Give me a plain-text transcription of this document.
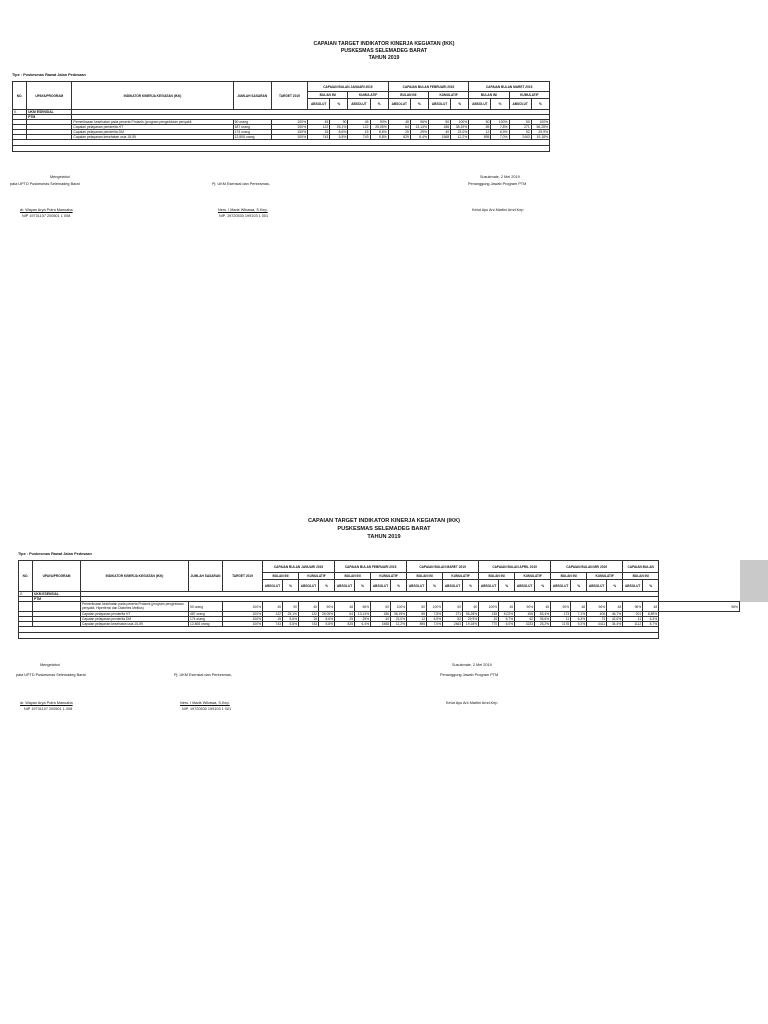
CAPAIAN TARGET INDIKATOR KINERJA KEGIATAN (IKK)
PUSKESMAS SELEMADEG BARAT
TAHUN 2019
Tipe : Puskesmas Rawat Jalan Pedesaan
NO.	UPAYA/PROGRAM	INDIKATOR KINERJA KEGIATAN (IKK)	JUMLAH SASARAN	TARGET 2019	CAPAIAN BULAN JANUARI 2019				CAPAIAN BULAN FEBRUARI 2019				CAPAIAN BULAN MARET 2019			
					BULAN INI		KUMULATIF		BULAN INI		KUMULATIF		BULAN INI		KUMULATIF	
					ABSOLUT	%	ABSOLUT	%	ABSOLUT	%	ABSOLUT	%	ABSOLUT	%	ABSOLUT	%
II.	UKM ESENSIAL															
	PTM															
		Pemeriksaan kesehatan pada peserta Prolanis (program pengelolaan penyakit	50 orang	100%	45	90	45	90%	48	96%	50	100%	50	100%	50	100%
		Capaian pelayanan penderita HT	487 orang	100%	122	25,1%	122	25,05%	64	13,14%	186	38,19%	85	7,8%	271	56,28%
		Capaian pelayanan penderita DM	174 orang	100%	15	8,6%	15	8,6%	25	29%	40	23,0%	12	6,9%	52	29,9%
		Capaian pelayanan kesehatan usia 15-59	12.808 orang	100%	743	5,8%	743	5,8%	825	6,4%	1568	12,2%	895	7,0%	2463	19,18%

Mengetahui
pala UPTD Puskesmas Selemadeg Barat	Pj. UKM Esensial dan Perkesmas,
Susukmale, 2 Mei 2019
Penanggung Jawab Program PTM
dr. Wayan Arya Putra Manuaba
NIP 19731107 200501 1 008
Ners. I Made Wibawa, S.Kep.
NIP. 19720530 199103 1 001
Ketut Ayu Ani Martini Amd.Kep
CAPAIAN TARGET INDIKATOR KINERJA KEGIATAN (IKK)
PUSKESMAS SELEMADEG BARAT
TAHUN 2019
Tipe : Puskesmas Rawat Jalan Pedesaan
NO.	UPAYA/PROGRAM	INDIKATOR KINERJA KEGIATAN (IKK)	JUMLAH SASARAN	TARGET 2019	CAPAIAN BULAN JANUARI 2019				CAPAIAN BULAN FEBRUARI 2019				CAPAIAN BULAN MARET 2019				CAPAIAN BULAN APRIL 2019				CAPAIAN BULAN MEI 2019				CAPAIAN BULAN		
					BULAN INI		KUMULATIF		BULAN INI		KUMULATIF		BULAN INI		KUMULATIF		BULAN INI		KUMULATIF		BULAN INI		KUMULATIF		BULAN INI		
					ABSOLUT	%	ABSOLUT	%	ABSOLUT	%	ABSOLUT	%	ABSOLUT	%	ABSOLUT	%	ABSOLUT	%	ABSOLUT	%	ABSOLUT	%	ABSOLUT	%	ABSOLUT	%	
II.	UKM ESENSIAL																										
	PTM																										
		Pemeriksaan kesehatan pada peserta Prolanis (program pengelolaan penyakit, Hipertensi dan Diabetes Melitus)	50 orang	100%	45	90	45	90%	48	96%	50	100%	50	100%	50	50	100%	45	90%	45	90%	48	96%	48	96%	48	96%
		Capaian pelayanan penderita HT	487 orang	100%	122	25,1%	122	25,05%	64	13,14%	186	38,19%	85	7,8%	271	56,28%	135	5,02%	406	83,4%	173	7,1%	406	46,7%	201	8,89%	
		Capaian pelayanan penderita DM	174 orang	100%	15	8,6%	15	8,6%	25	29%	40	23,0%	12	6,9%	52	29,9%	10	5,7%	62	35,6%	11	6,3%	73	42,0%	11	6,3%	
		Capaian pelayanan kesehatan usia 15-59	12.808 orang	100%	743	5,8%	743	5,8%	825	6,4%	1568	12,2%	895	7,0%	2463	19,18%	770	6,0%	3233	25,2%	1178	9,2%	4411	34,4%	1112	8,7%	

Mengetahui
pala UPTD Puskesmas Selemadeg Barat	Pj. UKM Esensial dan Perkesmas,
Susukmale, 2 Mei 2019
Penanggung Jawab Program PTM
dr. Wayan Arya Putra Manuaba
NIP 19731107 200501 1 008
Ners. I Made Wibawa, S.Kep.
NIP. 19720530 199103 1 001
Ketut Ayu Ani Martini Amd.Kep
